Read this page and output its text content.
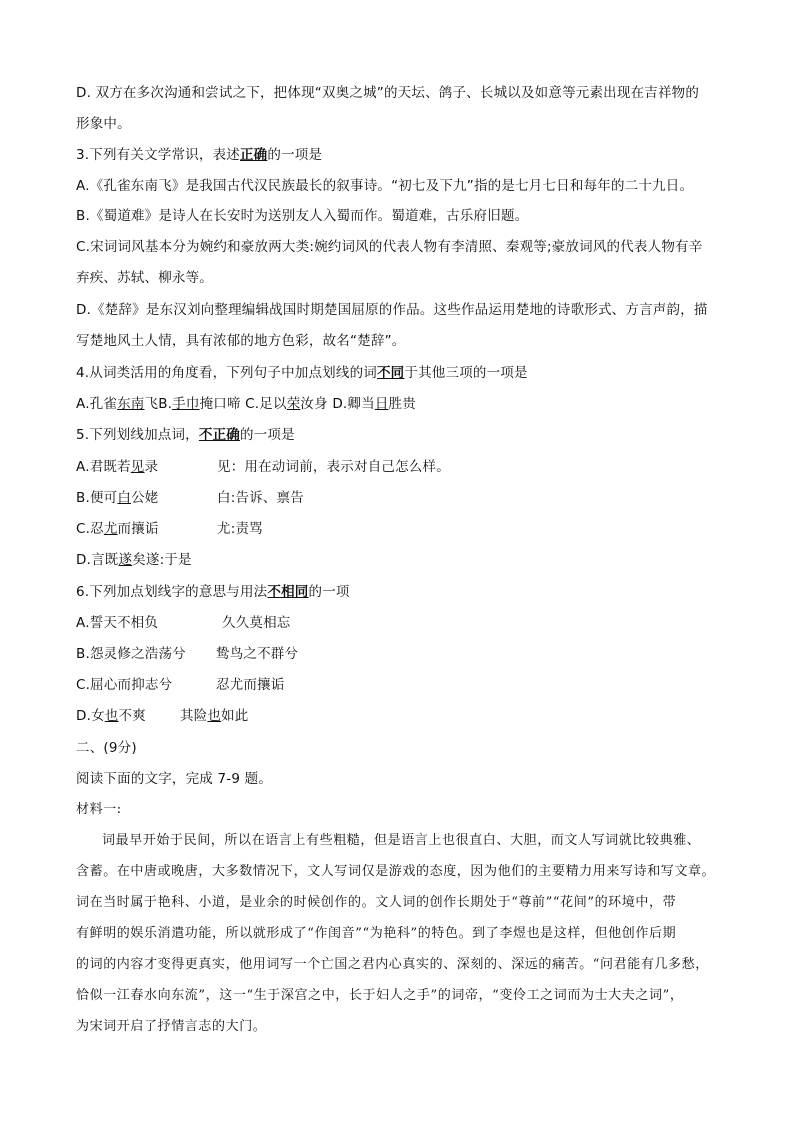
D. 双方在多次沟通和尝试之下，把体现“双奥之城”的天坛、鸽子、长城以及如意等元素出现在吉祥物的
形象中。
3.下列有关文学常识，表述正确的一项是
A.《孔雀东南飞》是我国古代汉民族最长的叙事诗。“初七及下九”指的是七月七日和每年的二十九日。
B.《蜀道难》是诗人在长安时为送别友人入蜀而作。蜀道难，古乐府旧题。
C.宋词词风基本分为婉约和豪放两大类:婉约词风的代表人物有李清照、秦观等;豪放词风的代表人物有辛
弃疾、苏轼、柳永等。
D.《楚辞》是东汉刘向整理编辑战国时期楚国屈原的作品。这些作品运用楚地的诗歌形式、方言声韵，描
写楚地风土人情，具有浓郁的地方色彩，故名“楚辞”。
4.从词类活用的角度看，下列句子中加点划线的词不同于其他三项的一项是
A.孔雀东南飞B.手巾掩口啼 C.足以荣汝身 D.卿当日胜贵
5.下列划线加点词，不正确的一项是
A.君既若见录	见：用在动词前，表示对自己怎么样。
B.便可白公姥	白:告诉、禀告
C.忍尤而攘诟	尤:责骂
D.言既遂矣遂:于是
6.下列加点划线字的意思与用法不相同的一项
A.誓天不相负	久久莫相忘
B.怨灵修之浩荡兮 鸷鸟之不群兮
C.屈心而抑志兮	忍尤而攘诟
D.女也不爽	其险也如此
二、(9分)
阅读下面的文字，完成 7-9 题。
材料一:
词最早开始于民间，所以在语言上有些粗糙，但是语言上也很直白、大胆，而文人写词就比较典雅、
含蓄。在中唐或晚唐，大多数情况下，文人写词仅是游戏的态度，因为他们的主要精力用来写诗和写文章。
词在当时属于艳科、小道，是业余的时候创作的。文人词的创作长期处于“尊前”“花间”的环境中，带
有鲜明的娱乐消遣功能，所以就形成了“作闺音”“为艳科”的特色。到了李煜也是这样，但他创作后期
的词的内容才变得更真实，他用词写一个亡国之君内心真实的、深刻的、深远的痛苦。“问君能有几多愁，
恰似一江春水向东流”，这一“生于深宫之中，长于妇人之手”的词帝，“变伶工之词而为士大夫之词”，
为宋词开启了抒情言志的大门。
